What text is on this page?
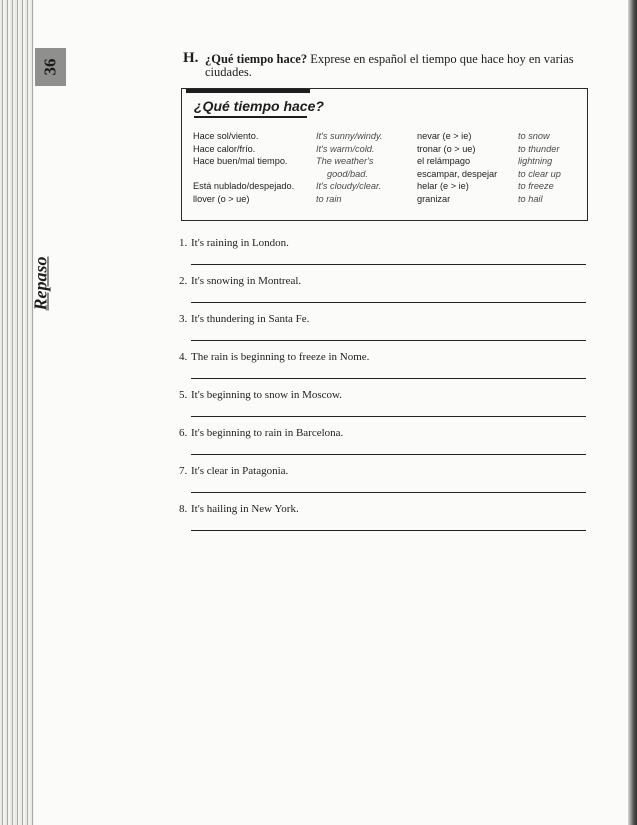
36
Repaso
H. ¿Qué tiempo hace? Exprese en español el tiempo que hace hoy en varias ciudades.
¿Qué tiempo hace?
Hace sol/viento.
Hace calor/frío.
Hace buen/mal tiempo.

Está nublado/despejado.
llover (o > ue)
It's sunny/windy.
It's warm/cold.
The weather's
good/bad.
It's cloudy/clear.
to rain
nevar (e > ie)
tronar (o > ue)
el relámpago
escampar, despejar
helar (e > ie)
granizar
to snow
to thunder
lightning
to clear up
to freeze
to hail
1. It's raining in London.
2. It's snowing in Montreal.
3. It's thundering in Santa Fe.
4. The rain is beginning to freeze in Nome.
5. It's beginning to snow in Moscow.
6. It's beginning to rain in Barcelona.
7. It's clear in Patagonia.
8. It's hailing in New York.
